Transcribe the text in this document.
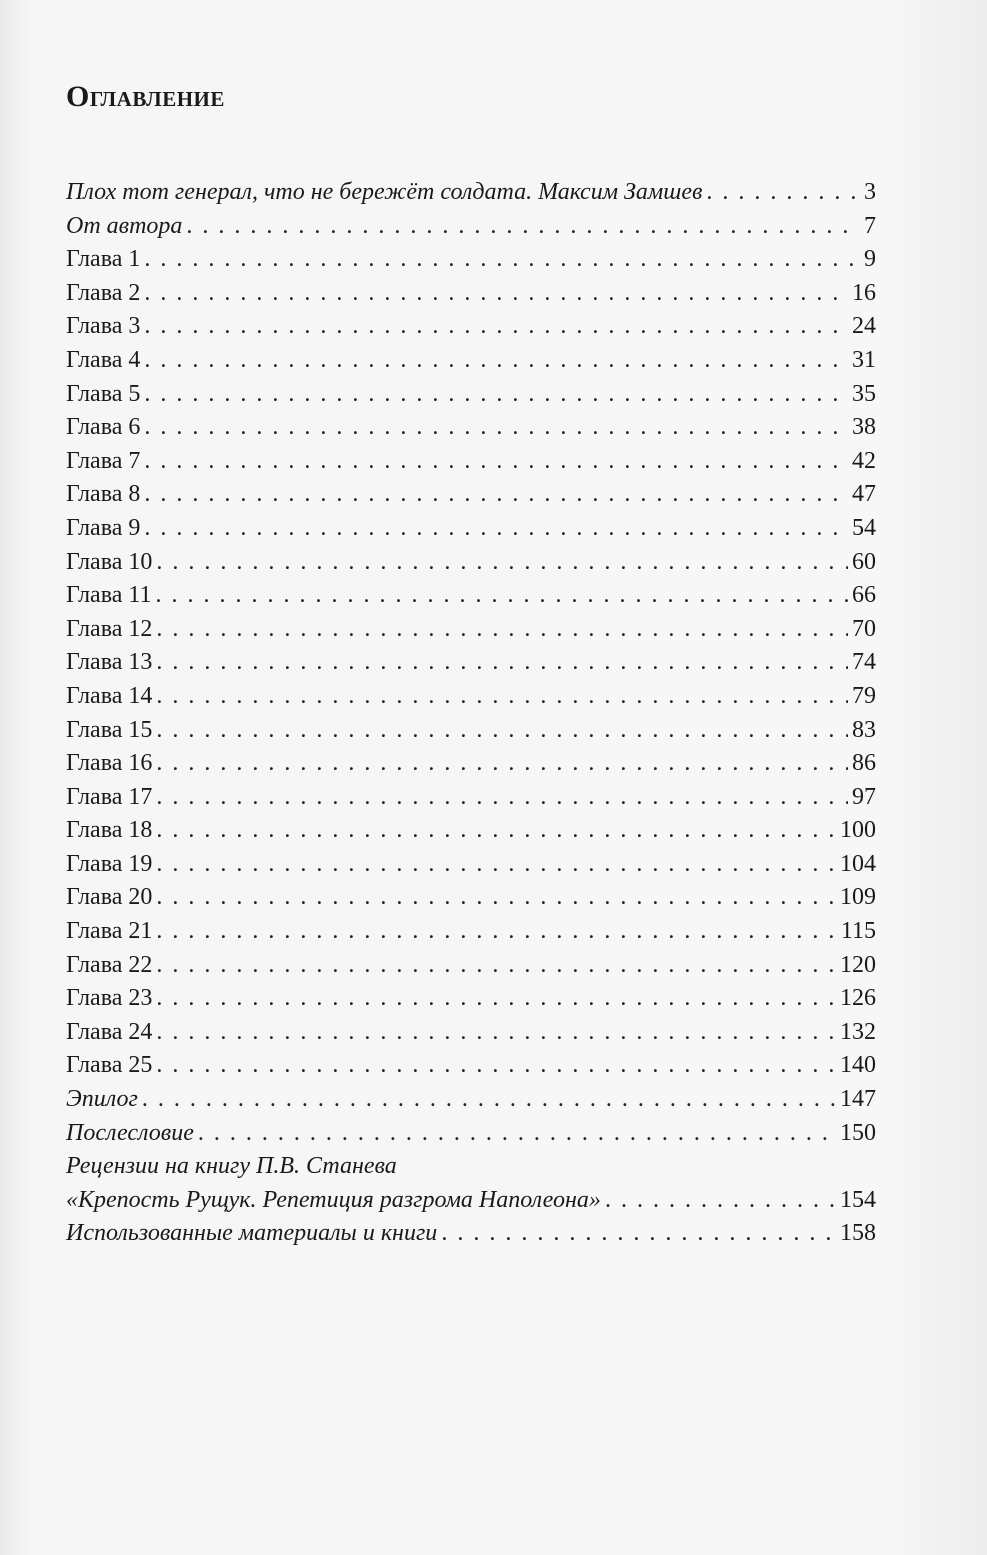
Оглавление
Плох тот генерал, что не бережёт солдата. Максим Замшев . . .	3
От автора . . .	7
Глава 1 . . .	9
Глава 2 . . .	16
Глава 3 . . .	24
Глава 4 . . .	31
Глава 5 . . .	35
Глава 6 . . .	38
Глава 7 . . .	42
Глава 8 . . .	47
Глава 9 . . .	54
Глава 10 . . .	60
Глава 11 . . .	66
Глава 12 . . .	70
Глава 13 . . .	74
Глава 14 . . .	79
Глава 15 . . .	83
Глава 16 . . .	86
Глава 17 . . .	97
Глава 18 . . .	100
Глава 19 . . .	104
Глава 20 . . .	109
Глава 21 . . .	115
Глава 22 . . .	120
Глава 23 . . .	126
Глава 24 . . .	132
Глава 25 . . .	140
Эпилог . . .	147
Послесловие . . .	150
Рецензии на книгу П.В. Станева
«Крепость Рущук. Репетиция разгрома Наполеона» . . .	154
Использованные материалы и книги . . .	158
